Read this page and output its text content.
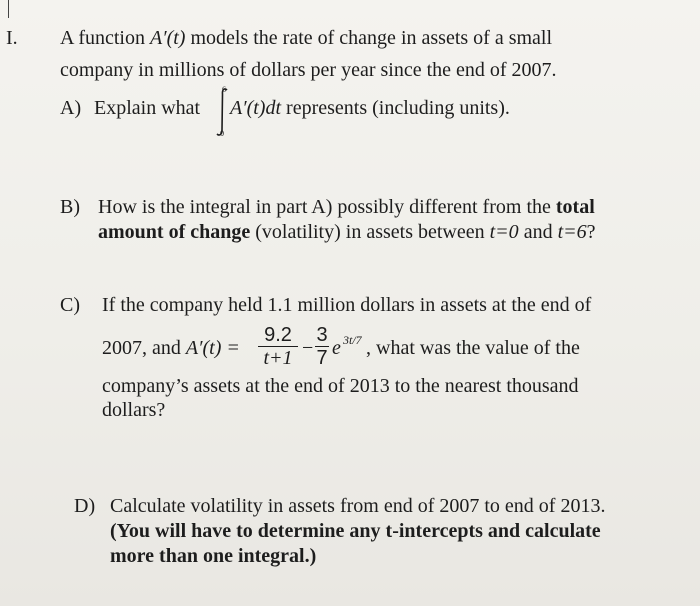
I. A function A′(t) models the rate of change in assets of a small
company in millions of dollars per year since the end of 2007.
A) Explain what
6
0
A′(t)dt represents (including units).
B) How is the integral in part A) possibly different from the total
amount of change (volatility) in assets between t=0 and t=6?
C) If the company held 1.1 million dollars in assets at the end of
2007, and A′(t) =
9.2
t+1 −
3
7 e 3t/7 , what was the value of the
company’s assets at the end of 2013 to the nearest thousand
dollars?
D) Calculate volatility in assets from end of 2007 to end of 2013.
(You will have to determine any t-intercepts and calculate
more than one integral.)
